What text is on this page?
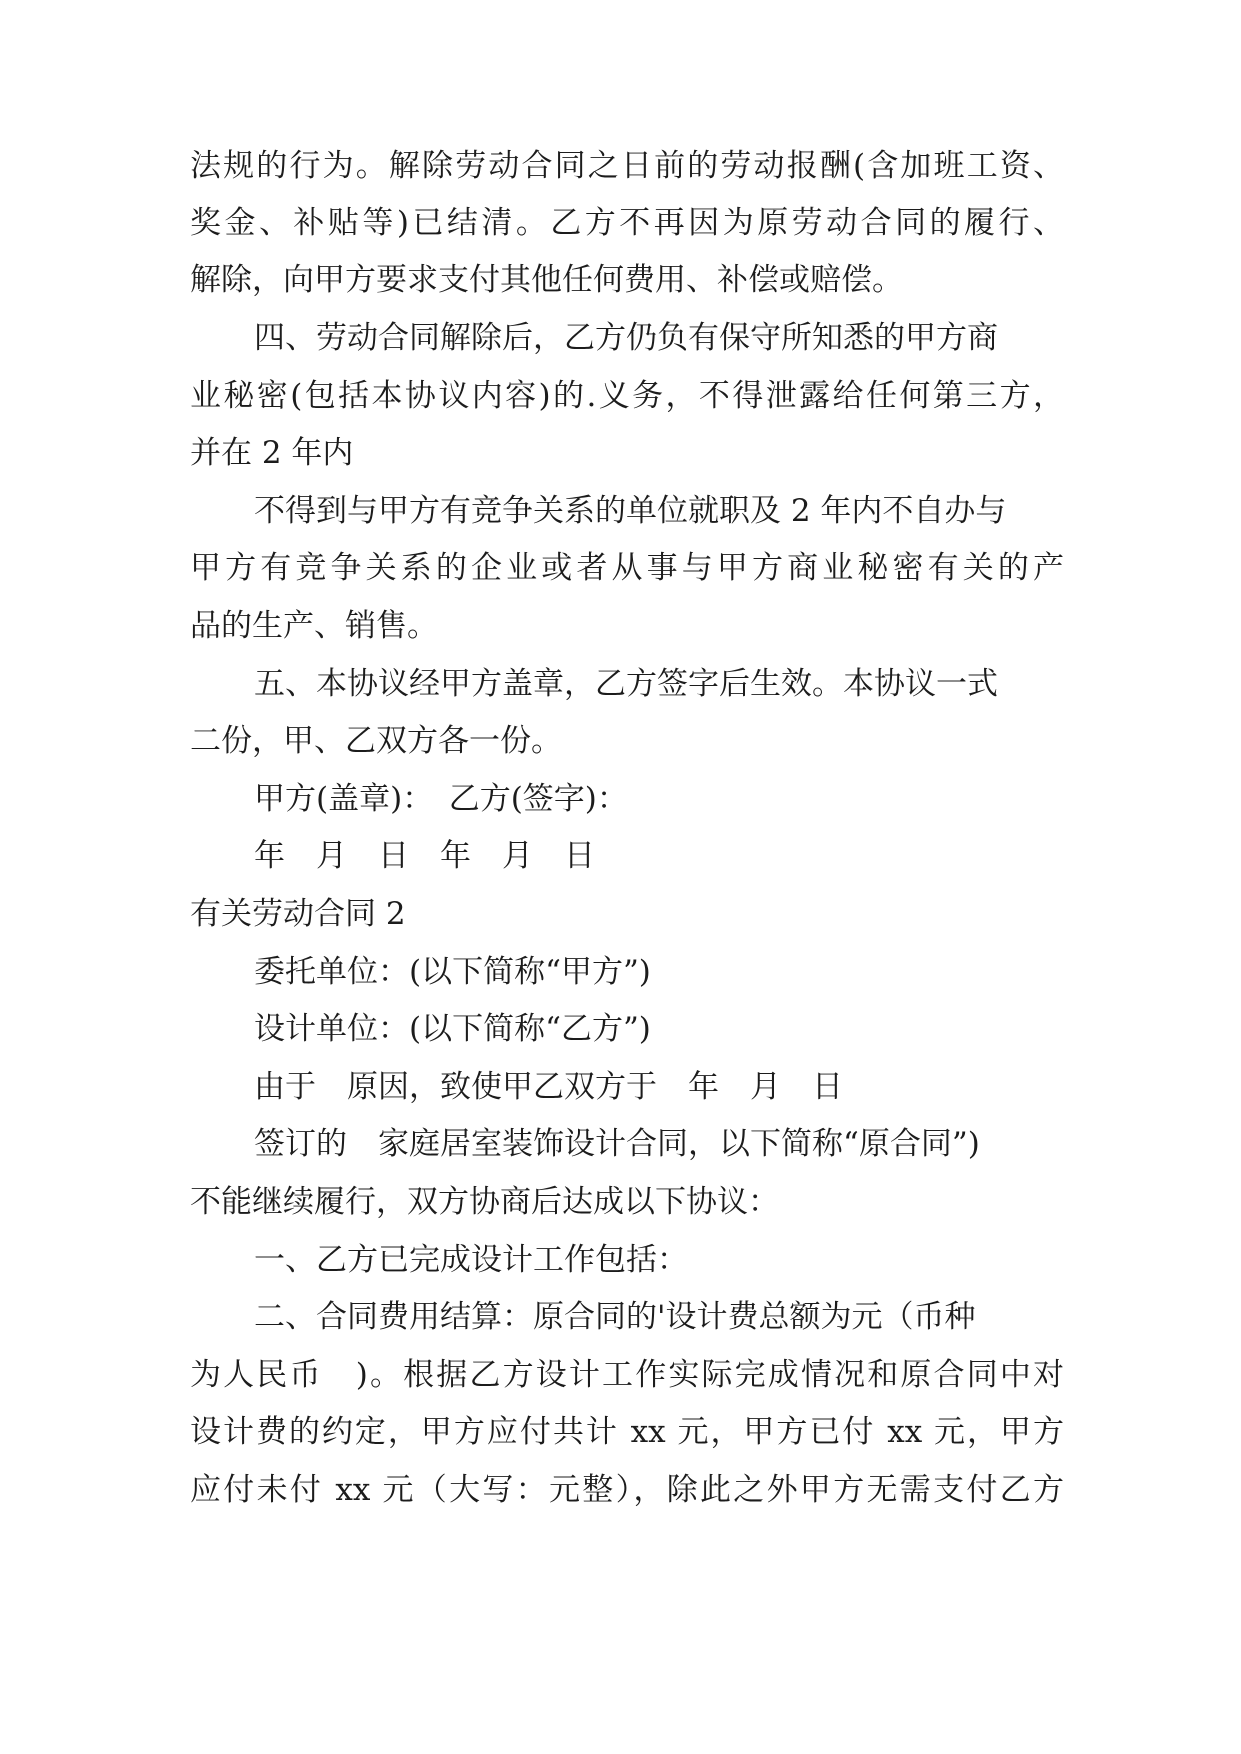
法规的行为。解除劳动合同之日前的劳动报酬(含加班工资、
奖金、补贴等)已结清。乙方不再因为原劳动合同的履行、
解除，向甲方要求支付其他任何费用、补偿或赔偿。
四、劳动合同解除后，乙方仍负有保守所知悉的甲方商
业秘密(包括本协议内容)的.义务，不得泄露给任何第三方，
并在 2 年内
不得到与甲方有竞争关系的单位就职及 2 年内不自办与
甲方有竞争关系的企业或者从事与甲方商业秘密有关的产
品的生产、销售。
五、本协议经甲方盖章，乙方签字后生效。本协议一式
二份，甲、乙双方各一份。
甲方(盖章)：　乙方(签字)：
年　月　日　年　月　日
有关劳动合同 2
委托单位：(以下简称“甲方”)
设计单位：(以下简称“乙方”)
由于　原因，致使甲乙双方于　年　月　日
签订的　家庭居室装饰设计合同，以下简称“原合同”)
不能继续履行，双方协商后达成以下协议：
一、乙方已完成设计工作包括：
二、合同费用结算：原合同的'设计费总额为元（币种
为人民币　)。根据乙方设计工作实际完成情况和原合同中对
设计费的约定，甲方应付共计 xx 元，甲方已付 xx 元，甲方
应付未付 xx 元（大写：元整），除此之外甲方无需支付乙方
